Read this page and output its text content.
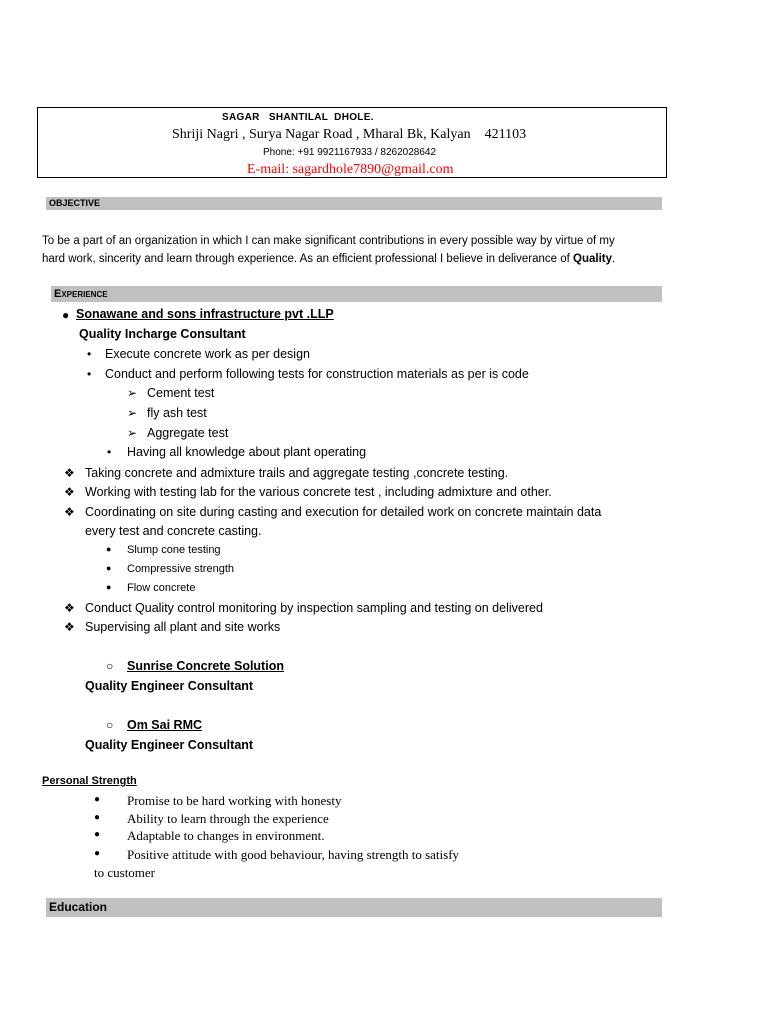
SAGAR   SHANTILAL  DHOLE.
Shriji Nagri , Surya Nagar Road , Mharal Bk, Kalyan    421103
Phone: +91 9921167933 / 8262028642
E-mail: sagardhole7890@gmail.com
OBJECTIVE
To be a part of an organization in which I can make significant contributions in every possible way by virtue of my
hard work, sincerity and learn through experience. As an efficient professional I believe in deliverance of Quality.
Experience
● Sonawane and sons infrastructure pvt .LLP
Quality Incharge Consultant
• Execute concrete work as per design
• Conduct and perform following tests for construction materials as per is code
➢ Cement test
➢ fly ash test
➢ Aggregate test
• Having all knowledge about plant operating
❖ Taking concrete and admixture trails and aggregate testing ,concrete testing.
❖ Working with testing lab for the various concrete test , including admixture and other.
❖ Coordinating on site during casting and execution for detailed work on concrete maintain data
every test and concrete casting.
● Slump cone testing
● Compressive strength
● Flow concrete
❖ Conduct Quality control monitoring by inspection sampling and testing on delivered
❖ Supervising all plant and site works
○ Sunrise Concrete Solution
Quality Engineer Consultant
○ Om Sai RMC
Quality Engineer Consultant
Personal Strength
● Promise to be hard working with honesty
● Ability to learn through the experience
● Adaptable to changes in environment.
● Positive attitude with good behaviour, having strength to satisfy
to customer
Education
